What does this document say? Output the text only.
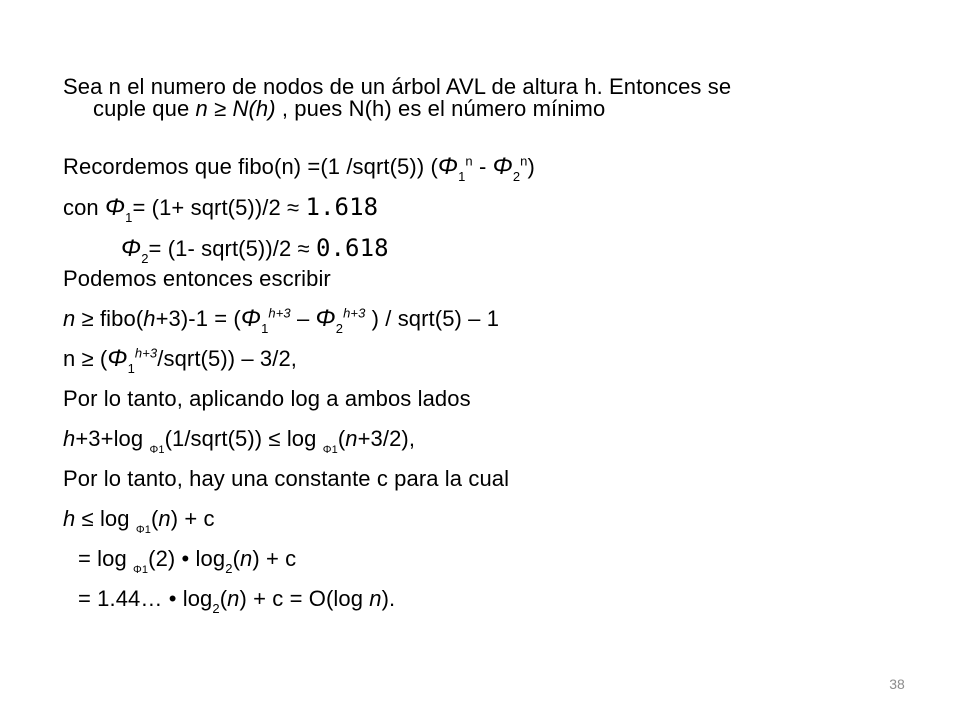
Sea n el numero de nodos de un árbol AVL de altura h. Entonces se
cuple que n ≥ N(h) , pues N(h) es el número mínimo
Recordemos que fibo(n) =(1 /sqrt(5)) $(\Phi_1^n - \Phi_2^n)$
con $\Phi_1= (1+$ sqrt(5))/2 ≈ 1.618
$\Phi_2= (1-$ sqrt(5))/2 ≈ 0.618
Podemos entonces escribir
n ≥ fibo(h+3)-1 = ($\Phi_1^{h+3} - \Phi_2^{h+3}$ ) / sqrt(5) – 1
$n \ge (\Phi_1^{h+3}/sqrt(5)) - 3/2$,
Por lo tanto, aplicando log a ambos lados
h+3+log $_{\Phi 1}$(1/sqrt(5)) ≤ log $_{\Phi 1}$(n+3/2),
Por lo tanto, hay una constante c para la cual
h ≤ log $_{\Phi 1}$(n) + c
= log $_{\Phi 1}$(2) • $\log_2(n) + c$
= 1.44… • $\log_2(n) + c = O(\log$ n).
38
